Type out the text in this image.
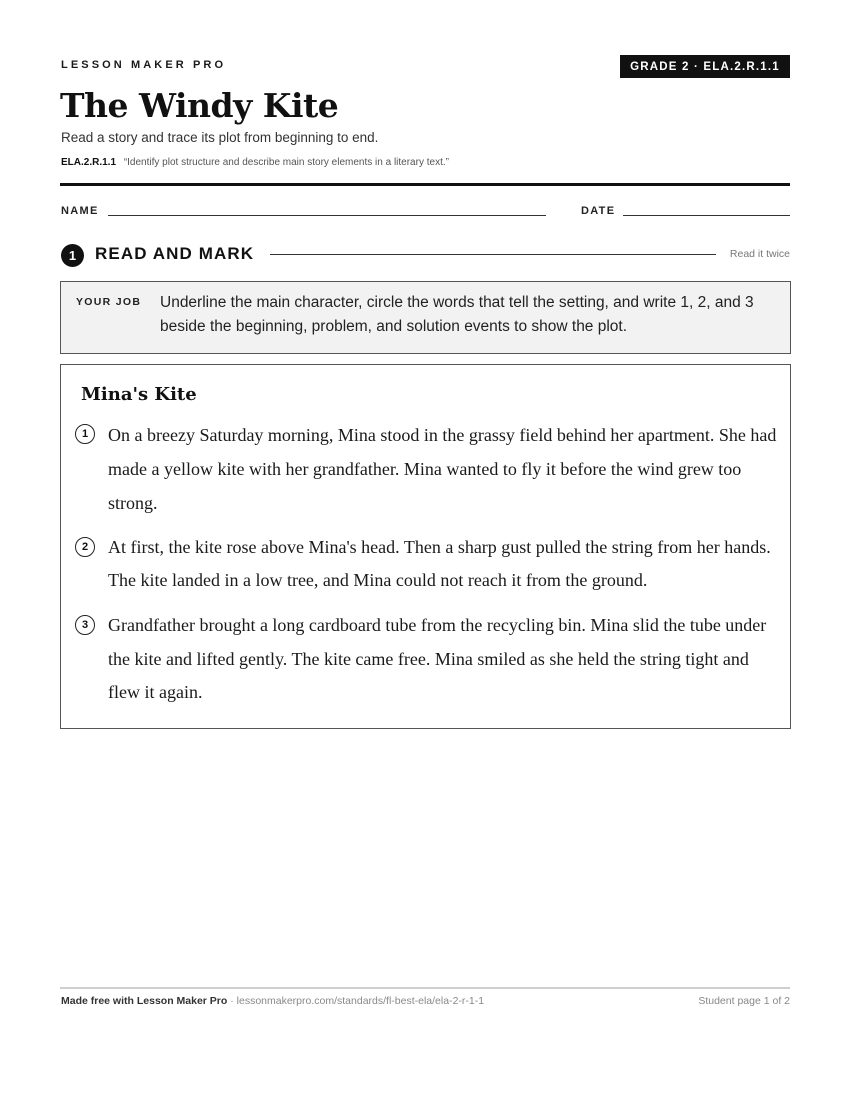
LESSON MAKER PRO	GRADE 2 · ELA.2.R.1.1
The Windy Kite
Read a story and trace its plot from beginning to end.
ELA.2.R.1.1 “Identify plot structure and describe main story elements in a literary text.”
NAME	DATE
1	READ AND MARK	Read it twice
YOUR JOB Underline the main character, circle the words that tell the setting, and write 1, 2, and 3 beside the beginning, problem, and solution events to show the plot.
Mina's Kite
1	On a breezy Saturday morning, Mina stood in the grassy field behind her apartment. She had made a yellow kite with her grandfather. Mina wanted to fly it before the wind grew too strong.
2	At first, the kite rose above Mina's head. Then a sharp gust pulled the string from her hands. The kite landed in a low tree, and Mina could not reach it from the ground.
3	Grandfather brought a long cardboard tube from the recycling bin. Mina slid the tube under the kite and lifted gently. The kite came free. Mina smiled as she held the string tight and flew it again.
Made free with Lesson Maker Pro · lessonmakerpro.com/standards/fl-best-ela/ela-2-r-1-1	Student page 1 of 2
